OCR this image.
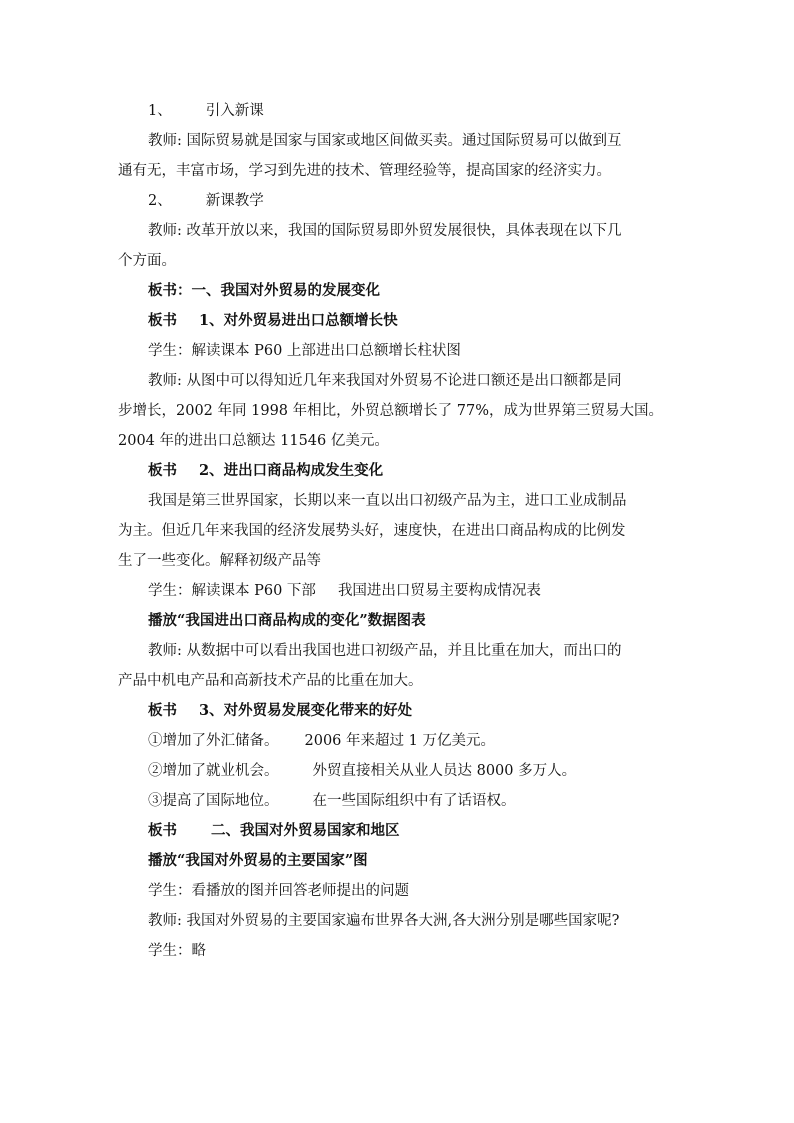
1、 引入新课
教师: 国际贸易就是国家与国家或地区间做买卖。通过国际贸易可以做到互
通有无，丰富市场，学习到先进的技术、管理经验等，提高国家的经济实力。
2、 新课教学
教师: 改革开放以来，我国的国际贸易即外贸发展很快，具体表现在以下几
个方面。
板书：一、我国对外贸易的发展变化
板书 1、对外贸易进出口总额增长快
学生：解读课本 P60 上部进出口总额增长柱状图
教师: 从图中可以得知近几年来我国对外贸易不论进口额还是出口额都是同
步增长，2002 年同 1998 年相比，外贸总额增长了 77%，成为世界第三贸易大国。
2004 年的进出口总额达 11546 亿美元。
板书 2、进出口商品构成发生变化
我国是第三世界国家，长期以来一直以出口初级产品为主，进口工业成制品
为主。但近几年来我国的经济发展势头好，速度快，在进出口商品构成的比例发
生了一些变化。解释初级产品等
学生：解读课本 P60 下部 我国进出口贸易主要构成情况表
播放“我国进出口商品构成的变化”数据图表
教师: 从数据中可以看出我国也进口初级产品，并且比重在加大，而出口的
产品中机电产品和高新技术产品的比重在加大。
板书 3、对外贸易发展变化带来的好处
①增加了外汇储备。 2006 年来超过 1 万亿美元。
②增加了就业机会。 外贸直接相关从业人员达 8000 多万人。
③提高了国际地位。 在一些国际组织中有了话语权。
板书 二、我国对外贸易国家和地区
播放“我国对外贸易的主要国家”图
学生：看播放的图并回答老师提出的问题
教师: 我国对外贸易的主要国家遍布世界各大洲,各大洲分别是哪些国家呢?
学生：略
